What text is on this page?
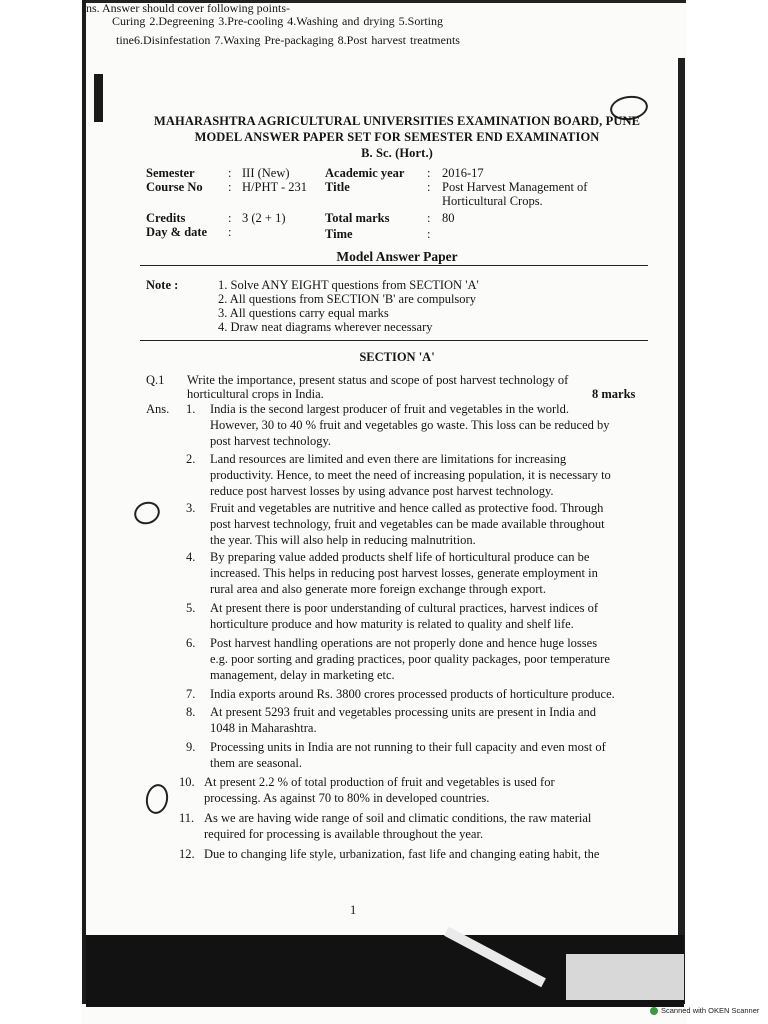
ns. Answer should cover following points-
Curing 2.Degreening 3.Pre-cooling 4.Washing and drying 5.Sorting
tine6.Disinfestation 7.Waxing Pre-packaging 8.Post harvest treatments
MAHARASHTRA AGRICULTURAL UNIVERSITIES EXAMINATION BOARD, PUNE
MODEL ANSWER PAPER SET FOR SEMESTER END EXAMINATION
B. Sc. (Hort.)
Semester	: III (New)
Course No : H/PHT - 231
Credits	: 3 (2 + 1)
Day & date :
Academic year : 2016-17
Title	: Post Harvest Management of
Horticultural Crops.
Total marks	: 80
Time	:
Model Answer Paper
Note :	1. Solve ANY EIGHT questions from SECTION 'A'
2. All questions from SECTION 'B' are compulsory
3. All questions carry equal marks
4. Draw neat diagrams wherever necessary
SECTION 'A'
Q.1 Write the importance, present status and scope of post harvest technology of
horticultural crops in India.	8 marks
Ans. 1. India is the second largest producer of fruit and vegetables in the world.
However, 30 to 40 % fruit and vegetables go waste. This loss can be reduced by
post harvest technology.
2. Land resources are limited and even there are limitations for increasing
productivity. Hence, to meet the need of increasing population, it is necessary to
reduce post harvest losses by using advance post harvest technology.
3. Fruit and vegetables are nutritive and hence called as protective food. Through
post harvest technology, fruit and vegetables can be made available throughout
the year. This will also help in reducing malnutrition.
4. By preparing value added products shelf life of horticultural produce can be
increased. This helps in reducing post harvest losses, generate employment in
rural area and also generate more foreign exchange through export.
5. At present there is poor understanding of cultural practices, harvest indices of
horticulture produce and how maturity is related to quality and shelf life.
6. Post harvest handling operations are not properly done and hence huge losses
e.g. poor sorting and grading practices, poor quality packages, poor temperature
management, delay in marketing etc.
7. India exports around Rs. 3800 crores processed products of horticulture produce.
8. At present 5293 fruit and vegetables processing units are present in India and
1048 in Maharashtra.
9. Processing units in India are not running to their full capacity and even most of
them are seasonal.
10. At present 2.2 % of total production of fruit and vegetables is used for
processing. As against 70 to 80% in developed countries.
11. As we are having wide range of soil and climatic conditions, the raw material
required for processing is available throughout the year.
12. Due to changing life style, urbanization, fast life and changing eating habit, the
1
Scanned with OKEN Scanner
